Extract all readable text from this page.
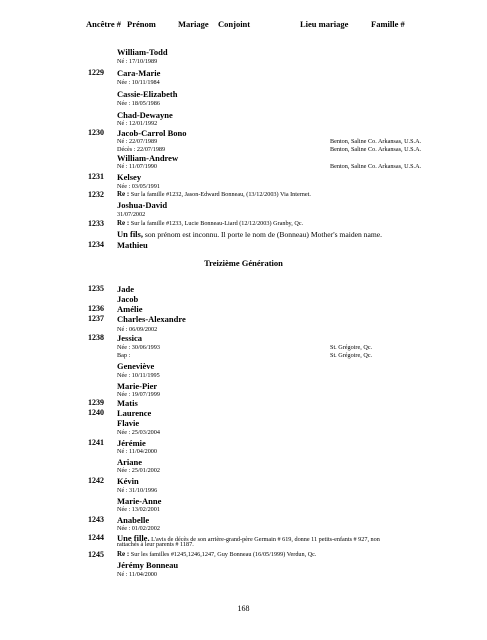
Ancêtre # Prénom	Mariage Conjoint	Lieu mariage	Famille #
William-Todd
Né : 17/10/1989
1229 Cara-Marie
Née : 10/11/1984
Cassie-Elizabeth
Née : 18/05/1986
Chad-Dewayne
Né : 12/01/1992
1230 Jacob-Carrol Bono
Né : 22/07/1989	Benton, Saline Co. Arkansas, U.S.A.
Décès : 22/07/1989	Benton, Saline Co. Arkansas, U.S.A.
William-Andrew
Né : 11/07/1990	Benton, Saline Co. Arkansas, U.S.A.
1231 Kelsey
Née : 03/05/1991
1232 Re : Sur la famille #1232, Jason-Edward Bonneau, (13/12/2003) Via Internet.
Joshua-David
31/07/2002
1233 Re : Sur la famille #1233, Lucie Bonneau-Liard (12/12/2003) Granby, Qc.
Un fils, son prénom est inconnu. Il porte le nom de (Bonneau) Mother's maiden name.
1234 Mathieu
Treizième Génération
1235 Jade
Jacob
1236 Amélie
1237 Charles-Alexandre
Né : 06/09/2002
1238 Jessica
Née : 30/06/1993	St. Grégoire, Qc.
Bap :	St. Grégoire, Qc.
Geneviève
Née : 10/11/1995
Marie-Pier
Née : 19/07/1999
1239 Matis
1240 Laurence
Flavie
Née : 25/03/2004
1241 Jérémie
Né : 11/04/2000
Ariane
Née : 25/01/2002
1242 Kévin
Né : 31/10/1996
Marie-Anne
Née : 13/02/2001
1243 Anabelle
Née : 01/02/2002
1244 Une fille. L'avis de décès de son arrière-grand-père Germain # 619, donne 11 petits-enfants # 927, non
rattachés à leur parents # 1187.
1245 Re : Sur les familles #1245,1246,1247, Guy Bonneau (16/05/1999) Verdun, Qc.
Jérémy Bonneau
Né : 11/04/2000
168
